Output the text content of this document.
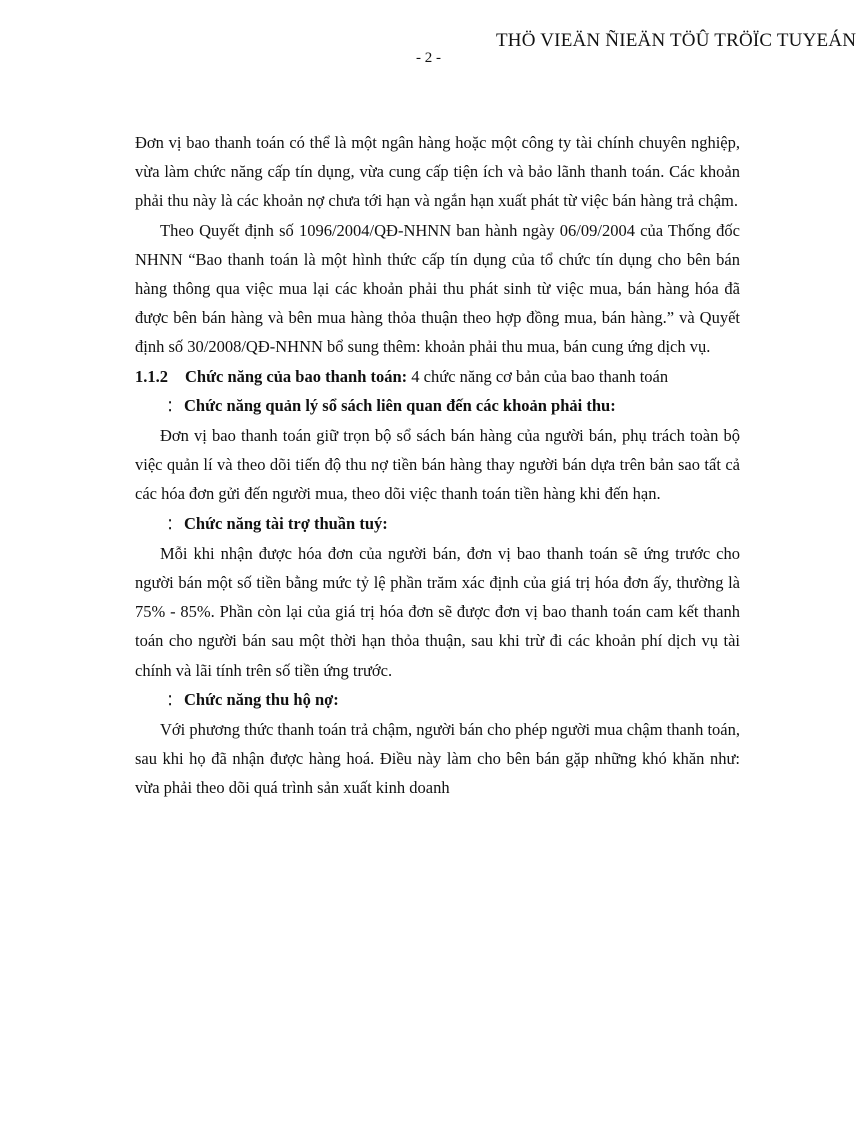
- 2 -
THÖ VIEÄN ÑIEÄN TÖÛ TRÖÏC TUYEÁN

Đơn vị bao thanh toán có thể là một ngân hàng hoặc một công ty tài chính chuyên nghiệp, vừa làm chức năng cấp tín dụng, vừa cung cấp tiện ích và bảo lãnh thanh toán. Các khoản phải thu này là các khoản nợ chưa tới hạn và ngắn hạn xuất phát từ việc bán hàng trả chậm.

Theo Quyết định số 1096/2004/QĐ-NHNN ban hành ngày 06/09/2004 của Thống đốc NHNN “Bao thanh toán là một hình thức cấp tín dụng của tổ chức tín dụng cho bên bán hàng thông qua việc mua lại các khoản phải thu phát sinh từ việc mua, bán hàng hóa đã được bên bán hàng và bên mua hàng thỏa thuận theo hợp đồng mua, bán hàng.” và Quyết định số 30/2008/QĐ-NHNN bổ sung thêm: khoản phải thu mua, bán cung ứng dịch vụ.

1.1.2 Chức năng của bao thanh toán: 4 chức năng cơ bản của bao thanh toán

⁚ Chức năng quản lý sổ sách liên quan đến các khoản phải thu:

Đơn vị bao thanh toán giữ trọn bộ sổ sách bán hàng của người bán, phụ trách toàn bộ việc quản lí và theo dõi tiến độ thu nợ tiền bán hàng thay người bán dựa trên bản sao tất cả các hóa đơn gửi đến người mua, theo dõi việc thanh toán tiền hàng khi đến hạn.

⁚ Chức năng tài trợ thuần tuý:

Mỗi khi nhận được hóa đơn của người bán, đơn vị bao thanh toán sẽ ứng trước cho người bán một số tiền bằng mức tỷ lệ phần trăm xác định của giá trị hóa đơn ấy, thường là 75% - 85%. Phần còn lại của giá trị hóa đơn sẽ được đơn vị bao thanh toán cam kết thanh toán cho người bán sau một thời hạn thỏa thuận, sau khi trừ đi các khoản phí dịch vụ tài chính và lãi tính trên số tiền ứng trước.

⁚ Chức năng thu hộ nợ:

Với phương thức thanh toán trả chậm, người bán cho phép người mua chậm thanh toán, sau khi họ đã nhận được hàng hoá. Điều này làm cho bên bán gặp những khó khăn như: vừa phải theo dõi quá trình sản xuất kinh doanh
